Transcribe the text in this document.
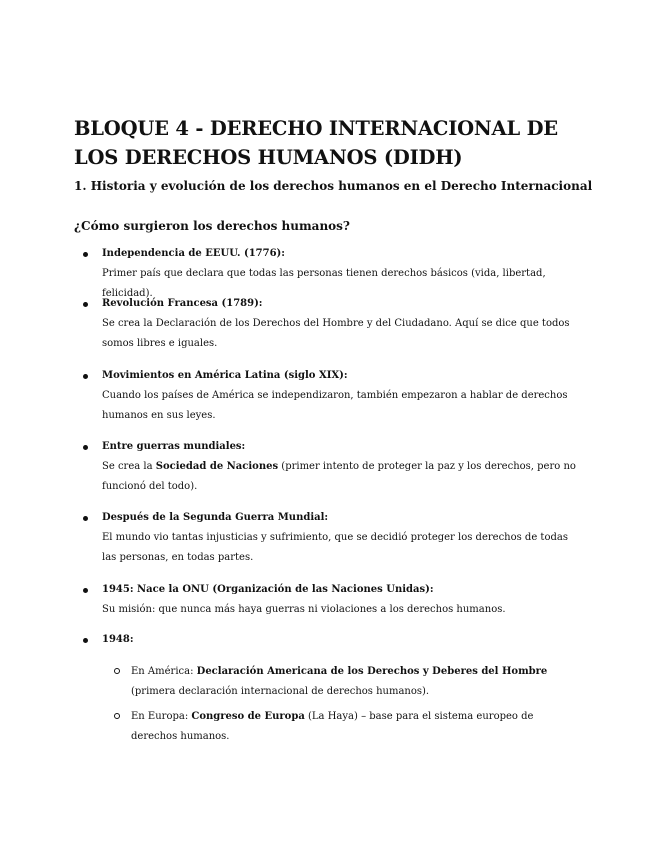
BLOQUE 4 - DERECHO INTERNACIONAL DE LOS DERECHOS HUMANOS (DIDH)
1. Historia y evolución de los derechos humanos en el Derecho Internacional
¿Cómo surgieron los derechos humanos?
Independencia de EEUU. (1776):
Primer país que declara que todas las personas tienen derechos básicos (vida, libertad, felicidad).
Revolución Francesa (1789):
Se crea la Declaración de los Derechos del Hombre y del Ciudadano. Aquí se dice que todos somos libres e iguales.
Movimientos en América Latina (siglo XIX):
Cuando los países de América se independizaron, también empezaron a hablar de derechos humanos en sus leyes.
Entre guerras mundiales:
Se crea la Sociedad de Naciones (primer intento de proteger la paz y los derechos, pero no funcionó del todo).
Después de la Segunda Guerra Mundial:
El mundo vio tantas injusticias y sufrimiento, que se decidió proteger los derechos de todas las personas, en todas partes.
1945: Nace la ONU (Organización de las Naciones Unidas):
Su misión: que nunca más haya guerras ni violaciones a los derechos humanos.
1948:
En América: Declaración Americana de los Derechos y Deberes del Hombre (primera declaración internacional de derechos humanos).
En Europa: Congreso de Europa (La Haya) – base para el sistema europeo de derechos humanos.
